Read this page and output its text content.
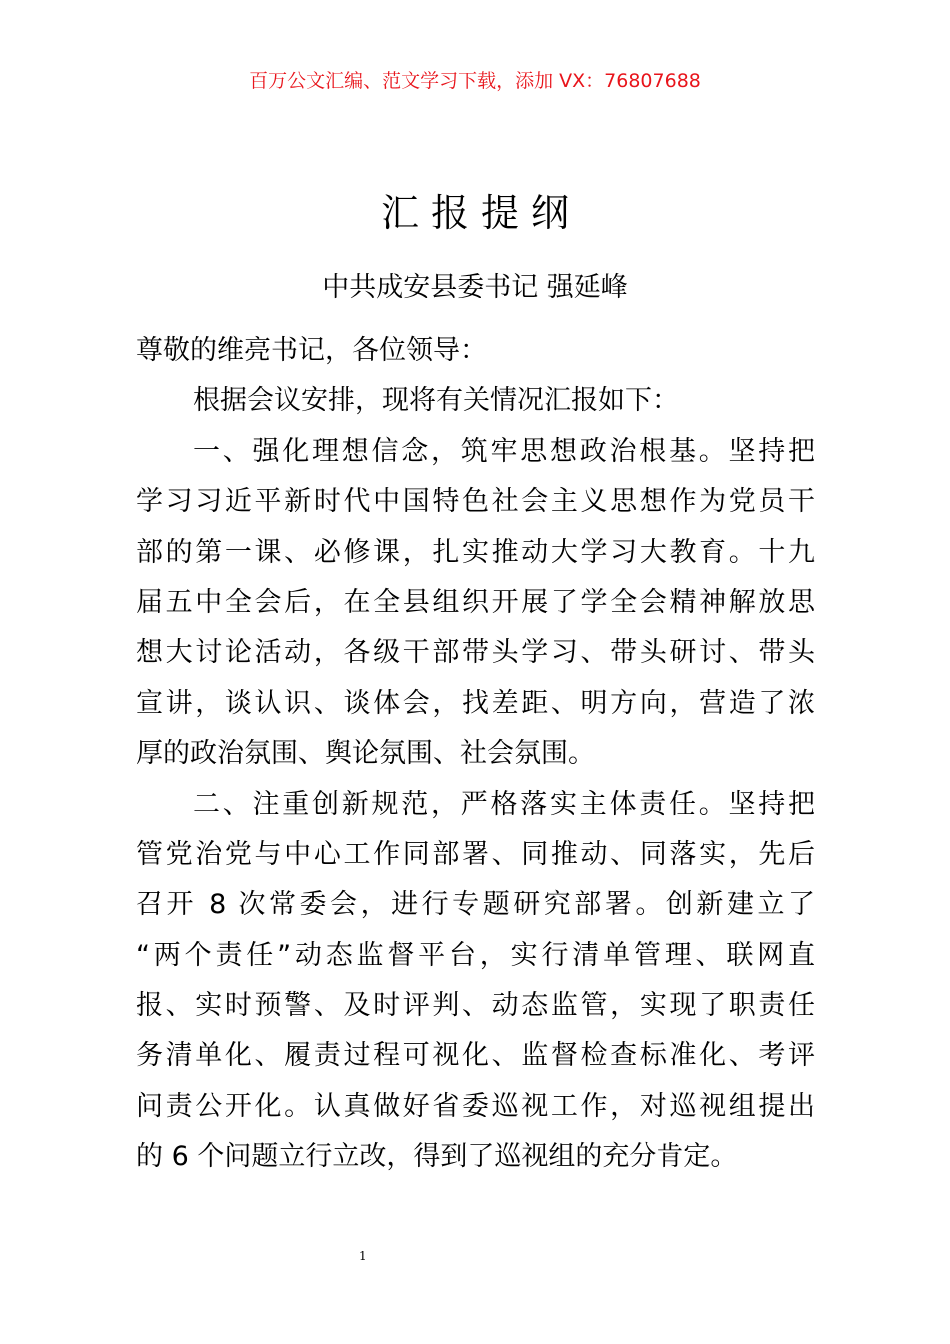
百万公文汇编、范文学习下载，添加 VX：76807688
汇报提纲
中共成安县委书记 强延峰
尊敬的维亮书记，各位领导：
根据会议安排，现将有关情况汇报如下：
一、强化理想信念，筑牢思想政治根基。坚持把
学习习近平新时代中国特色社会主义思想作为党员干
部的第一课、必修课，扎实推动大学习大教育。十九
届五中全会后，在全县组织开展了学全会精神解放思
想大讨论活动，各级干部带头学习、带头研讨、带头
宣讲，谈认识、谈体会，找差距、明方向，营造了浓
厚的政治氛围、舆论氛围、社会氛围。
二、注重创新规范，严格落实主体责任。坚持把
管党治党与中心工作同部署、同推动、同落实，先后
召开 8 次常委会，进行专题研究部署。创新建立了
“两个责任”动态监督平台，实行清单管理、联网直
报、实时预警、及时评判、动态监管，实现了职责任
务清单化、履责过程可视化、监督检查标准化、考评
问责公开化。认真做好省委巡视工作，对巡视组提出
的 6 个问题立行立改，得到了巡视组的充分肯定。
1
